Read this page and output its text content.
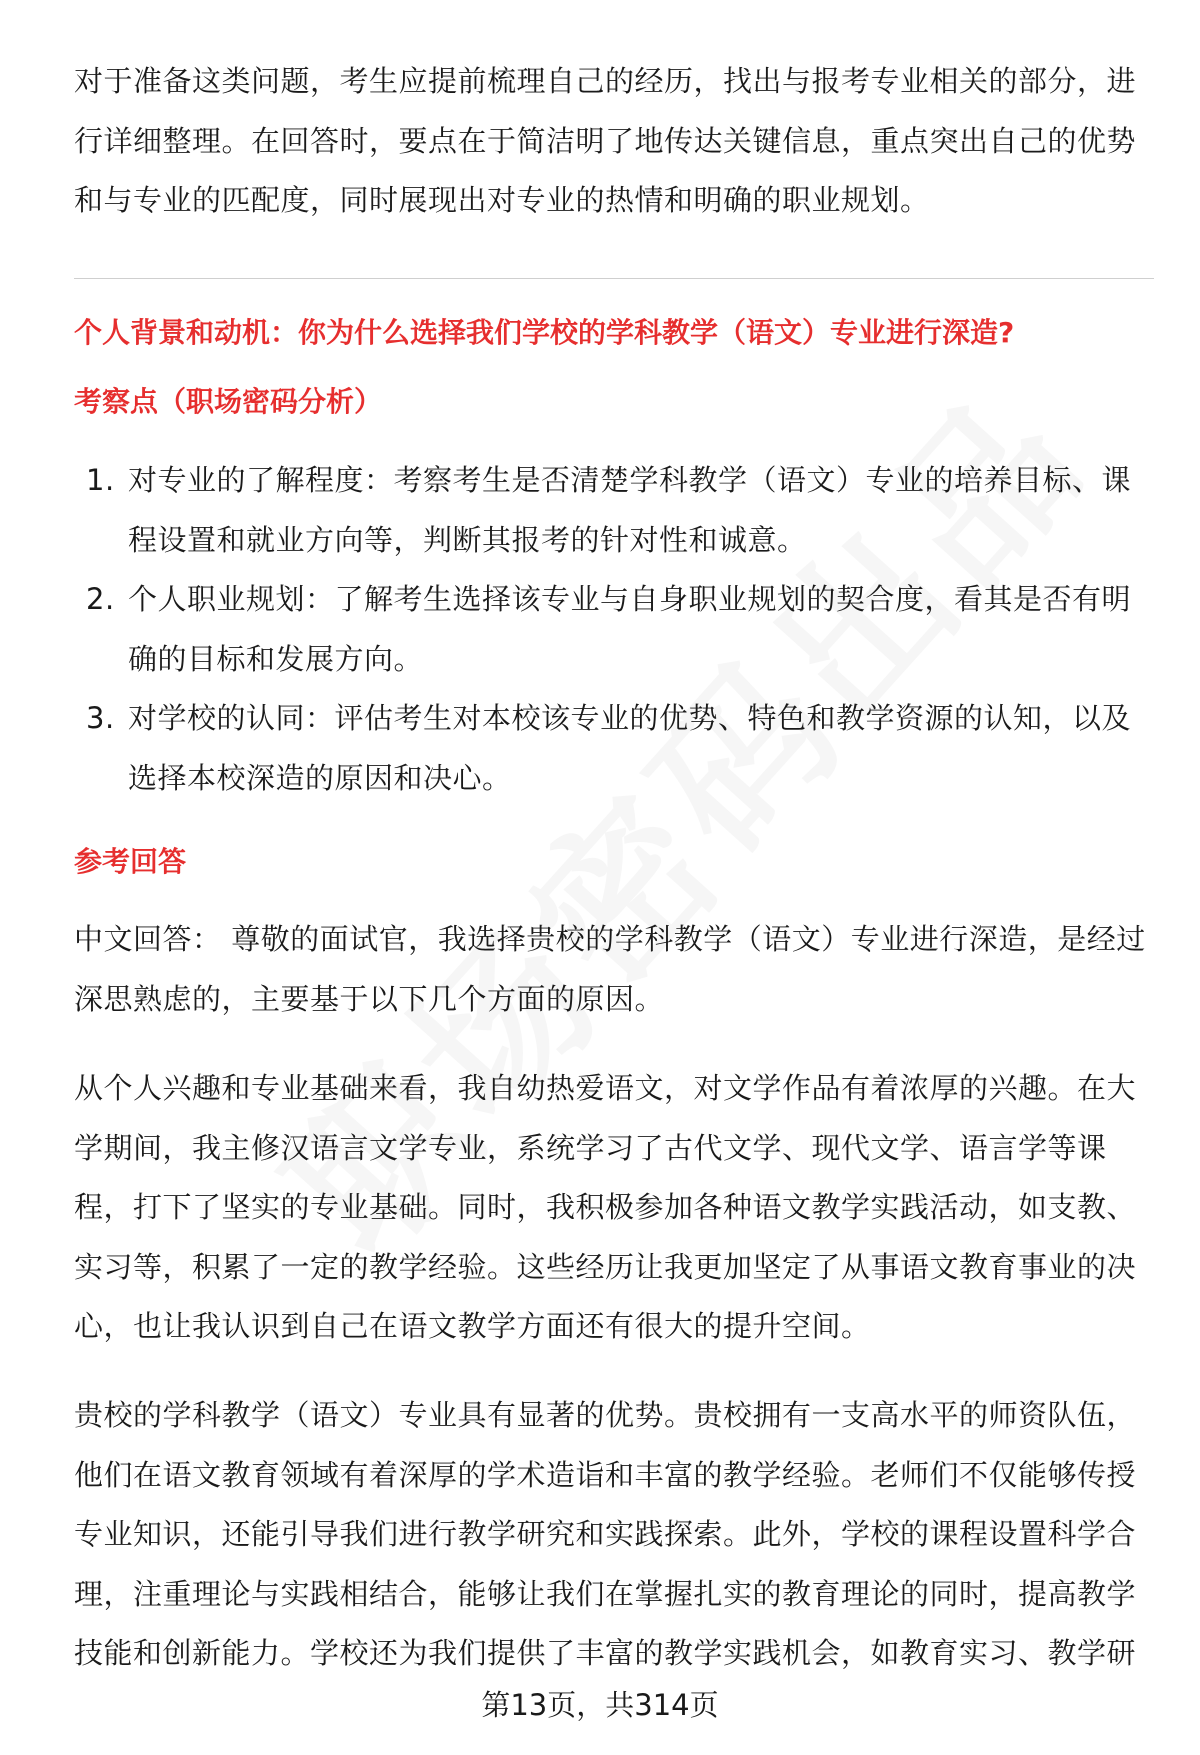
对于准备这类问题，考生应提前梳理自己的经历，找出与报考专业相关的部分，进行详细整理。在回答时，要点在于简洁明了地传达关键信息，重点突出自己的优势和与专业的匹配度，同时展现出对专业的热情和明确的职业规划。

个人背景和动机：你为什么选择我们学校的学科教学（语文）专业进行深造?
考察点（职场密码分析）
1. 对专业的了解程度：考察考生是否清楚学科教学（语文）专业的培养目标、课程设置和就业方向等，判断其报考的针对性和诚意。
2. 个人职业规划：了解考生选择该专业与自身职业规划的契合度，看其是否有明确的目标和发展方向。
3. 对学校的认同：评估考生对本校该专业的优势、特色和教学资源的认知，以及选择本校深造的原因和决心。
参考回答

中文回答： 尊敬的面试官，我选择贵校的学科教学（语文）专业进行深造，是经过深思熟虑的，主要基于以下几个方面的原因。

从个人兴趣和专业基础来看，我自幼热爱语文，对文学作品有着浓厚的兴趣。在大学期间，我主修汉语言文学专业，系统学习了古代文学、现代文学、语言学等课程，打下了坚实的专业基础。同时，我积极参加各种语文教学实践活动，如支教、实习等，积累了一定的教学经验。这些经历让我更加坚定了从事语文教育事业的决心，也让我认识到自己在语文教学方面还有很大的提升空间。

贵校的学科教学（语文）专业具有显著的优势。贵校拥有一支高水平的师资队伍，他们在语文教育领域有着深厚的学术造诣和丰富的教学经验。老师们不仅能够传授专业知识，还能引导我们进行教学研究和实践探索。此外，学校的课程设置科学合理，注重理论与实践相结合，能够让我们在掌握扎实的教育理论的同时，提高教学技能和创新能力。学校还为我们提供了丰富的教学实践机会，如教育实习、教学研

第13页，共314页
